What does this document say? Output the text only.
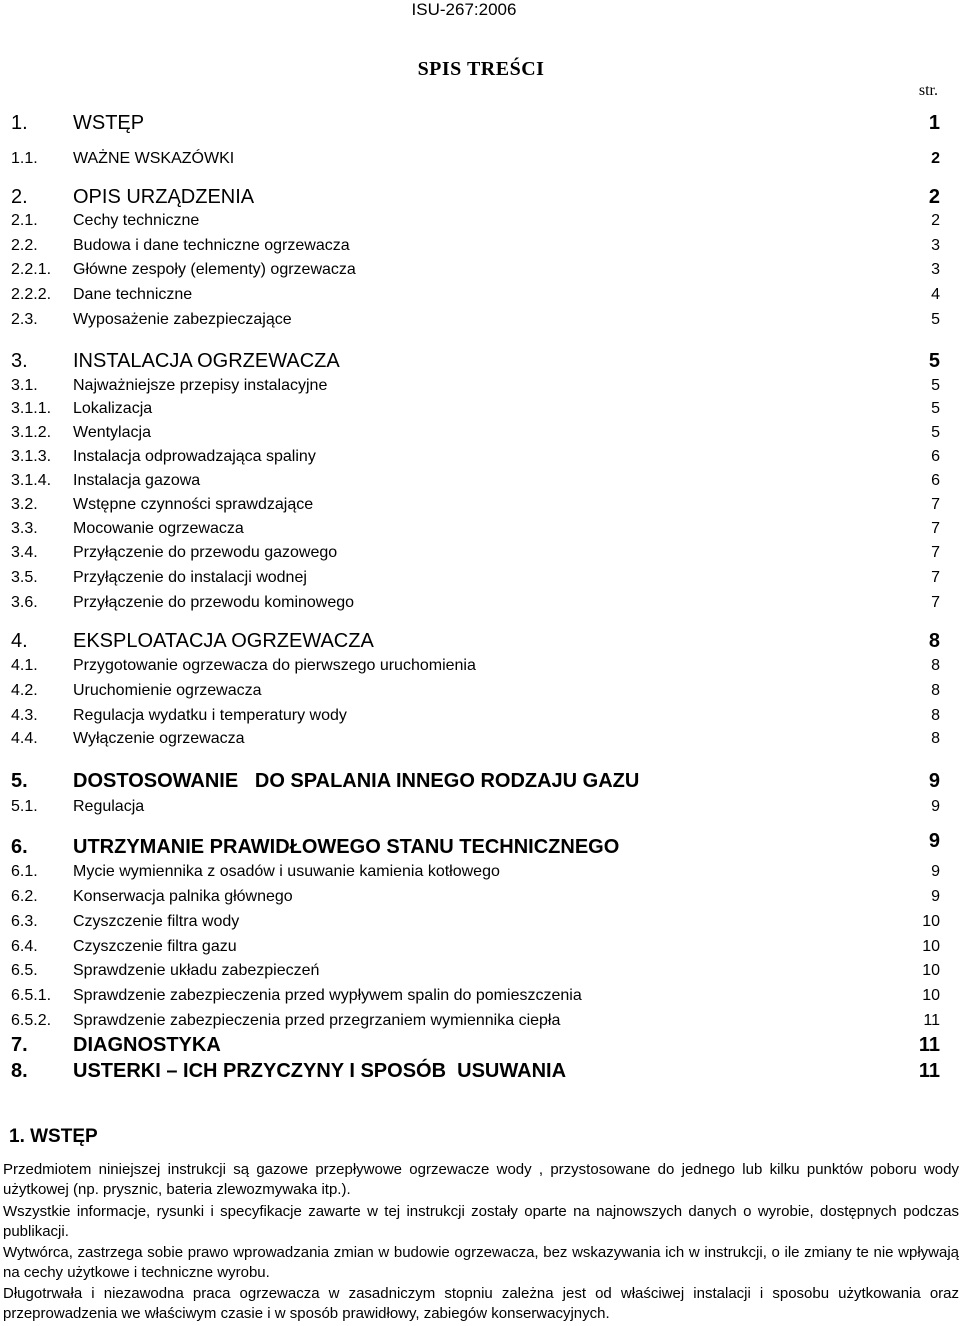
ISU-267:2006
SPIS TREŚCI
str.
1. WSTĘP	1
1.1. WAŻNE WSKAZÓWKI	2
2. OPIS URZĄDZENIA	2
2.1. Cechy techniczne	2
2.2. Budowa i dane techniczne ogrzewacza	3
2.2.1. Główne zespoły (elementy) ogrzewacza	3
2.2.2. Dane techniczne	4
2.3. Wyposażenie zabezpieczające	5
3. INSTALACJA OGRZEWACZA	5
3.1. Najważniejsze przepisy instalacyjne	5
3.1.1. Lokalizacja	5
3.1.2. Wentylacja	5
3.1.3. Instalacja odprowadzająca spaliny	6
3.1.4. Instalacja gazowa	6
3.2. Wstępne czynności sprawdzające	7
3.3. Mocowanie ogrzewacza	7
3.4. Przyłączenie do przewodu gazowego	7
3.5. Przyłączenie do instalacji wodnej	7
3.6. Przyłączenie do przewodu kominowego	7
4. EKSPLOATACJA OGRZEWACZA	8
4.1. Przygotowanie ogrzewacza do pierwszego uruchomienia	8
4.2. Uruchomienie ogrzewacza	8
4.3. Regulacja wydatku i temperatury wody	8
4.4. Wyłączenie ogrzewacza	8
5. DOSTOSOWANIE   DO SPALANIA INNEGO RODZAJU GAZU	9
5.1. Regulacja	9
6. UTRZYMANIE PRAWIDŁOWEGO STANU TECHNICZNEGO	9
6.1. Mycie wymiennika z osadów i usuwanie kamienia kotłowego	9
6.2. Konserwacja palnika głównego	9
6.3. Czyszczenie filtra wody	10
6.4. Czyszczenie filtra gazu	10
6.5. Sprawdzenie układu zabezpieczeń	10
6.5.1. Sprawdzenie zabezpieczenia przed wypływem spalin do pomieszczenia	10
6.5.2. Sprawdzenie zabezpieczenia przed przegrzaniem wymiennika ciepła	11
7. DIAGNOSTYKA	11
8. USTERKI – ICH PRZYCZYNY I SPOSÓB  USUWANIA	11
1. WSTĘP
Przedmiotem niniejszej instrukcji są gazowe przepływowe ogrzewacze wody , przystosowane do jednego lub kilku punktów poboru wody użytkowej (np. prysznic, bateria zlewozmywaka itp.).
Wszystkie informacje, rysunki i specyfikacje zawarte w tej instrukcji zostały oparte na najnowszych danych o wyrobie, dostępnych podczas publikacji.
Wytwórca, zastrzega sobie prawo wprowadzania zmian w budowie ogrzewacza, bez wskazywania ich w instrukcji, o ile zmiany te nie wpływają na cechy użytkowe i techniczne wyrobu.
Długotrwała i niezawodna praca ogrzewacza w zasadniczym stopniu zależna jest od właściwej instalacji i sposobu użytkowania oraz przeprowadzenia we właściwym czasie i w sposób prawidłowy, zabiegów konserwacyjnych.
